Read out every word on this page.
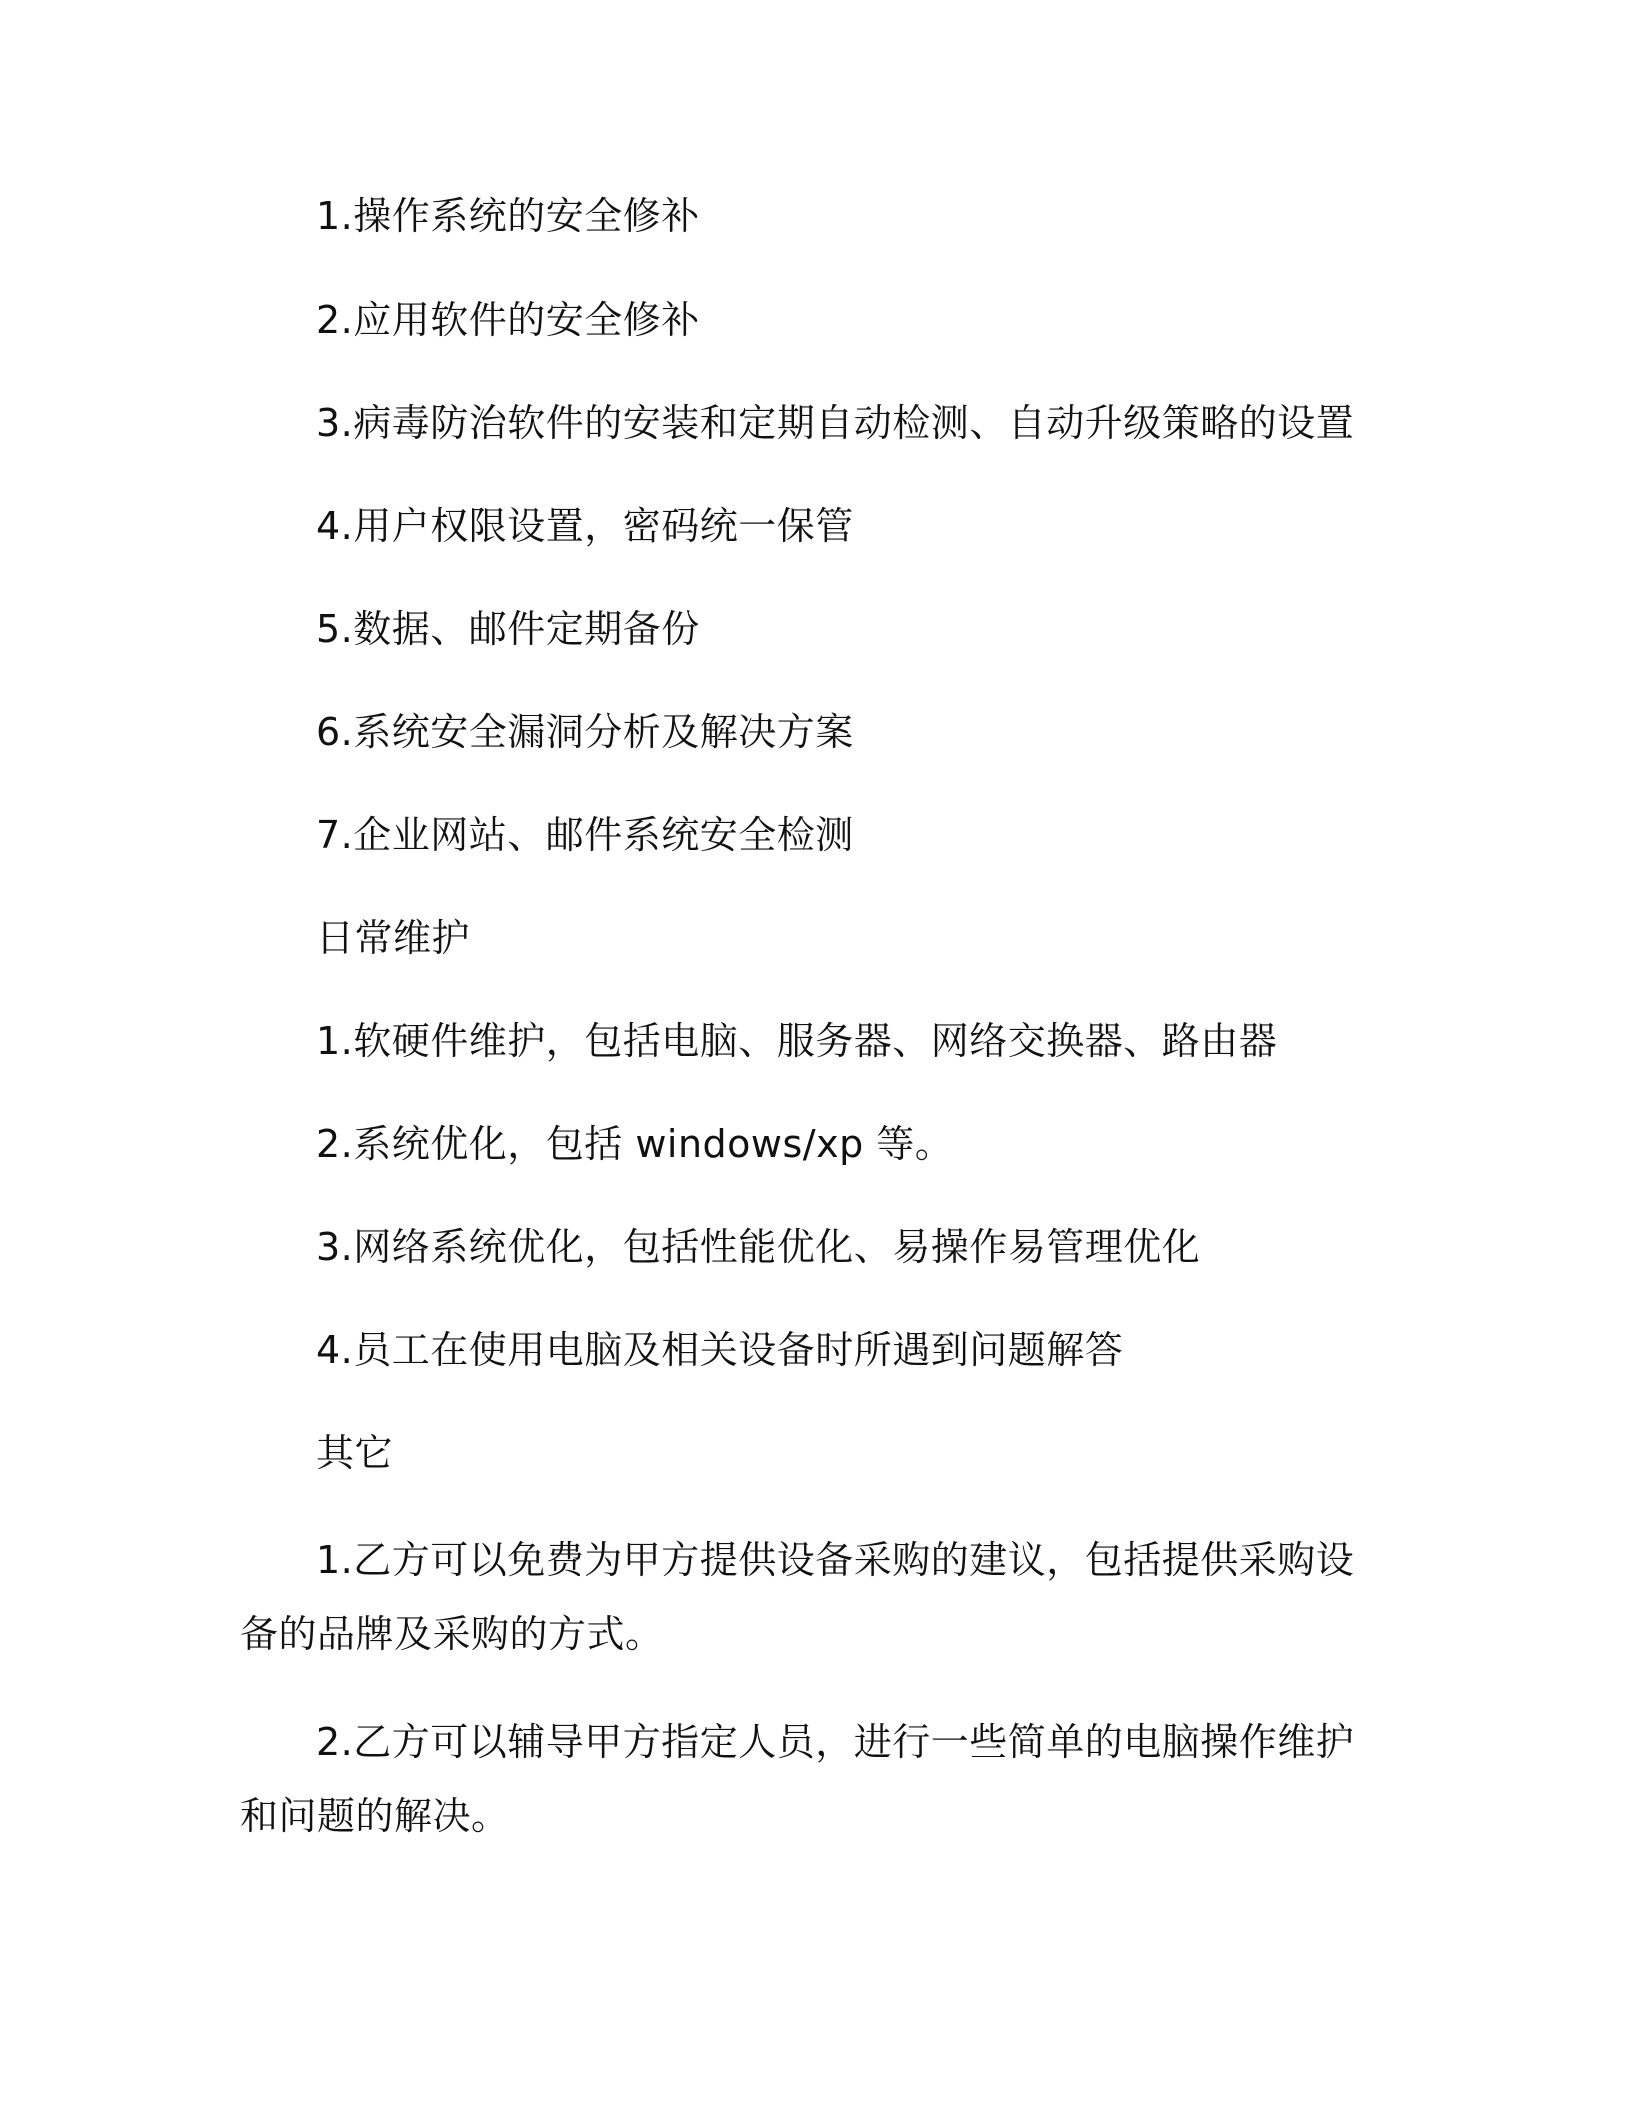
1.操作系统的安全修补
2.应用软件的安全修补
3.病毒防治软件的安装和定期自动检测、自动升级策略的设置
4.用户权限设置，密码统一保管
5.数据、邮件定期备份
6.系统安全漏洞分析及解决方案
7.企业网站、邮件系统安全检测
日常维护
1.软硬件维护，包括电脑、服务器、网络交换器、路由器
2.系统优化，包括 windows/xp 等。
3.网络系统优化，包括性能优化、易操作易管理优化
4.员工在使用电脑及相关设备时所遇到问题解答
其它

1.乙方可以免费为甲方提供设备采购的建议，包括提供采购设备的品牌及采购的方式。

2.乙方可以辅导甲方指定人员，进行一些简单的电脑操作维护和问题的解决。
